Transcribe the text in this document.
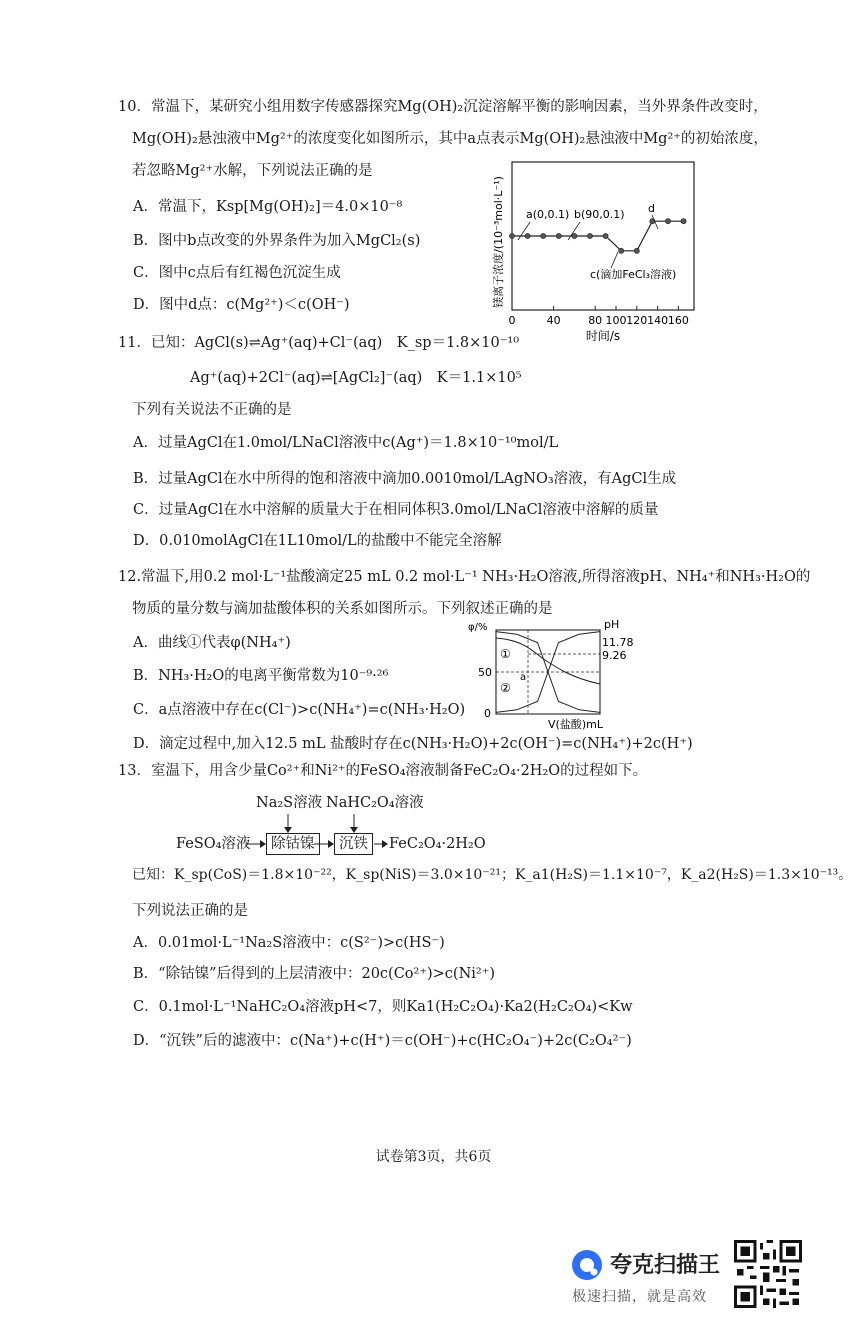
10．常温下，某研究小组用数字传感器探究Mg(OH)₂沉淀溶解平衡的影响因素，当外界条件改变时，
Mg(OH)₂悬浊液中Mg²⁺的浓度变化如图所示，其中a点表示Mg(OH)₂悬浊液中Mg²⁺的初始浓度，
若忽略Mg²⁺水解，下列说法正确的是
A．常温下，Ksp[Mg(OH)₂]＝4.0×10⁻⁸
B．图中b点改变的外界条件为加入MgCl₂(s)
C．图中c点后有红褐色沉淀生成
D．图中d点：c(Mg²⁺)＜c(OH⁻)	镁离子浓度/(10⁻³mol·L⁻¹)
时间/s
0	40	80 100 120 140 160
a(0,0.1) b(90,0.1)
c(滴加FeCl₃溶液)
d
11．已知：AgCl(s)⇌Ag⁺(aq)+Cl⁻(aq)　K_sp＝1.8×10⁻¹⁰
Ag⁺(aq)+2Cl⁻(aq)⇌[AgCl₂]⁻(aq)　K＝1.1×10⁵
下列有关说法不正确的是
A．过量AgCl在1.0mol/LNaCl溶液中c(Ag⁺)＝1.8×10⁻¹⁰mol/L
B．过量AgCl在水中所得的饱和溶液中滴加0.0010mol/LAgNO₃溶液，有AgCl生成
C．过量AgCl在水中溶解的质量大于在相同体积3.0mol/LNaCl溶液中溶解的质量
D．0.010molAgCl在1L10mol/L的盐酸中不能完全溶解
12.常温下,用0.2 mol·L⁻¹盐酸滴定25 mL 0.2 mol·L⁻¹ NH₃·H₂O溶液,所得溶液pH、NH₄⁺和NH₃·H₂O的
物质的量分数与滴加盐酸体积的关系如图所示。下列叙述正确的是
A．曲线①代表φ(NH₄⁺)
B．NH₃·H₂O的电离平衡常数为10⁻⁹·²⁶
C．a点溶液中存在c(Cl⁻)>c(NH₄⁺)=c(NH₃·H₂O)
D．滴定过程中,加入12.5 mL 盐酸时存在c(NH₃·H₂O)+2c(OH⁻)=c(NH₄⁺)+2c(H⁺)
φ/%	pH
50
0
11.78
9.26
V(盐酸)mL
①
②
a
13．室温下，用含少量Co²⁺和Ni²⁺的FeSO₄溶液制备FeC₂O₄·2H₂O的过程如下。
Na₂S溶液 NaHC₂O₄溶液
FeSO₄溶液	除钴镍	沉铁	FeC₂O₄·2H₂O
已知：K_sp(CoS)＝1.8×10⁻²²，K_sp(NiS)＝3.0×10⁻²¹；K_a1(H₂S)＝1.1×10⁻⁷，K_a2(H₂S)＝1.3×10⁻¹³。
下列说法正确的是
A．0.01mol·L⁻¹Na₂S溶液中：c(S²⁻)>c(HS⁻)
B．“除钴镍”后得到的上层清液中：20c(Co²⁺)>c(Ni²⁺)
C．0.1mol·L⁻¹NaHC₂O₄溶液pH<7，则Ka1(H₂C₂O₄)·Ka2(H₂C₂O₄)<Kw
D．“沉铁”后的滤液中：c(Na⁺)+c(H⁺)＝c(OH⁻)+c(HC₂O₄⁻)+2c(C₂O₄²⁻)
试卷第3页，共6页
夸克扫描王
极速扫描，就是高效
